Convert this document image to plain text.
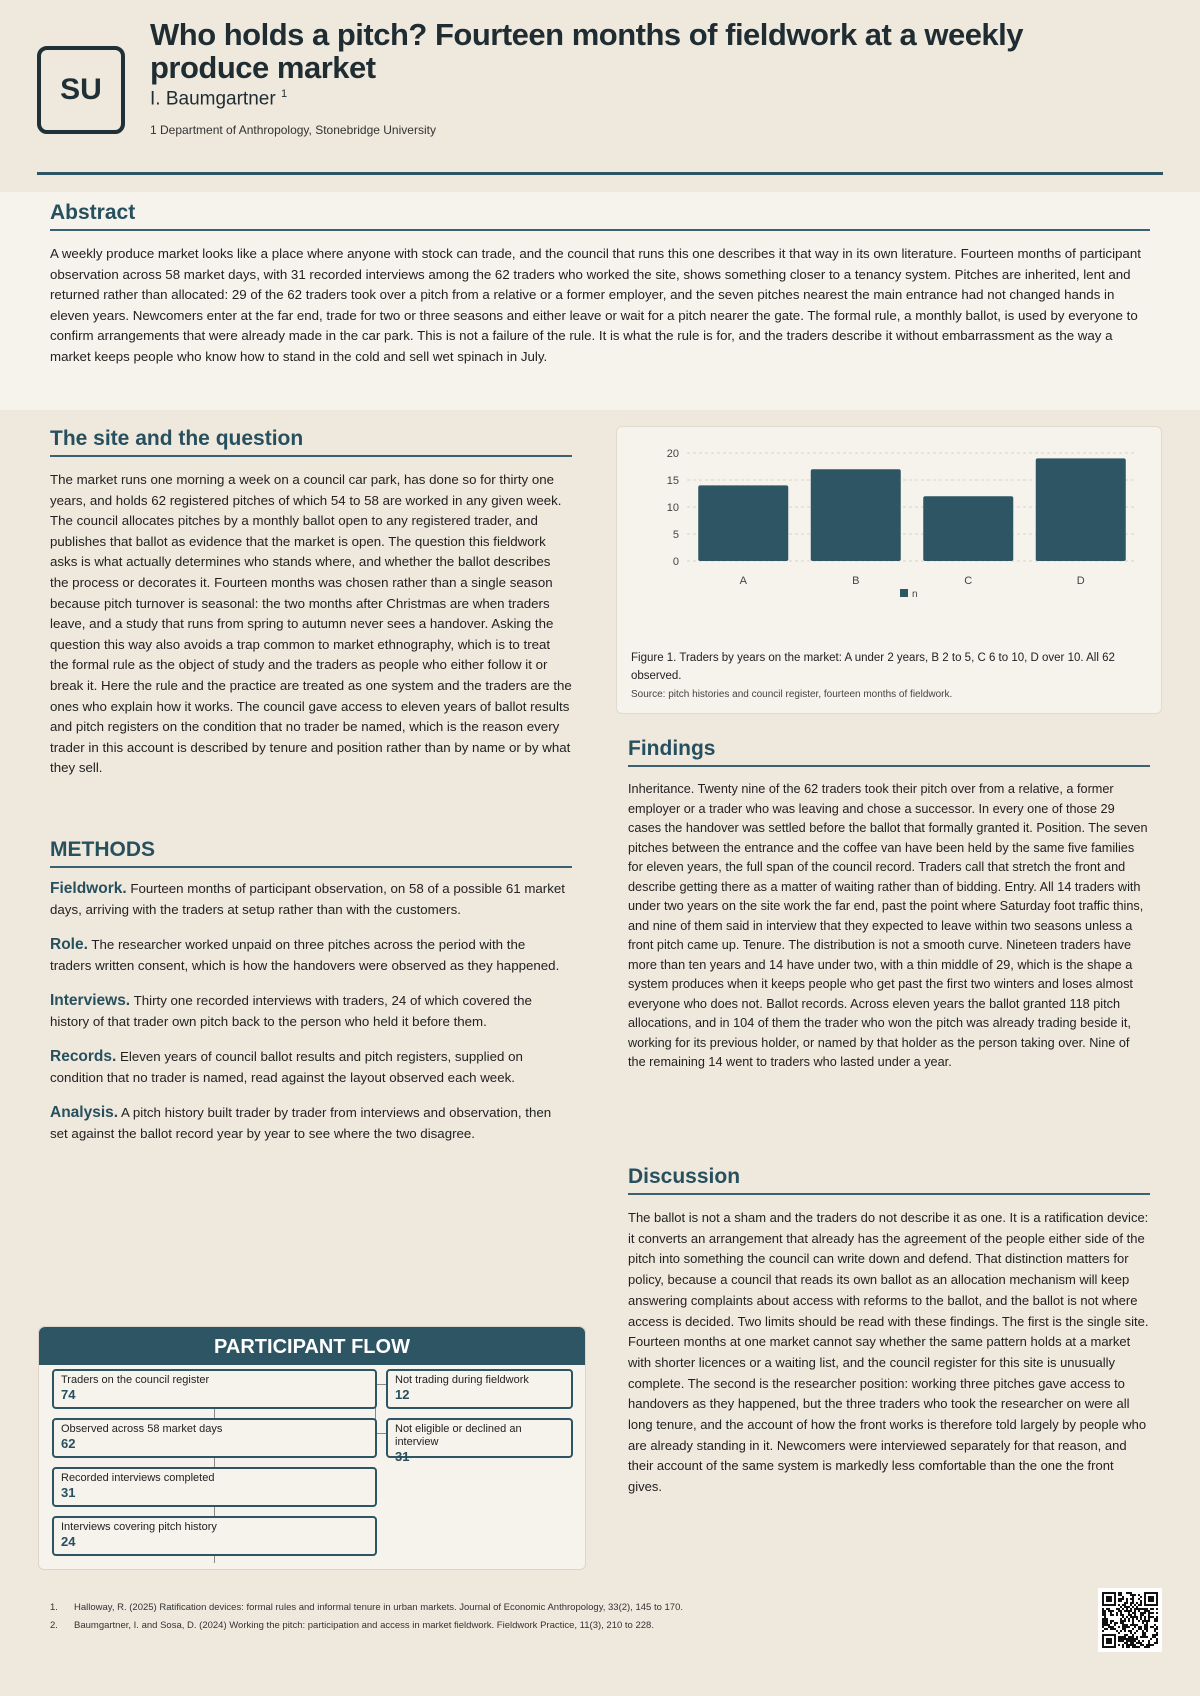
SU
Who holds a pitch? Fourteen months of fieldwork at a weekly produce market
I. Baumgartner $^1$
1 Department of Anthropology, Stonebridge University
Abstract
A weekly produce market looks like a place where anyone with stock can trade, and the council that runs this one describes it that way in its own literature. Fourteen months of participant observation across 58 market days, with 31 recorded interviews among the 62 traders who worked the site, shows something closer to a tenancy system. Pitches are inherited, lent and returned rather than allocated: 29 of the 62 traders took over a pitch from a relative or a former employer, and the seven pitches nearest the main entrance had not changed hands in eleven years. Newcomers enter at the far end, trade for two or three seasons and either leave or wait for a pitch nearer the gate. The formal rule, a monthly ballot, is used by everyone to confirm arrangements that were already made in the car park. This is not a failure of the rule. It is what the rule is for, and the traders describe it without embarrassment as the way a market keeps people who know how to stand in the cold and sell wet spinach in July.
The site and the question
The market runs one morning a week on a council car park, has done so for thirty one years, and holds 62 registered pitches of which 54 to 58 are worked in any given week. The council allocates pitches by a monthly ballot open to any registered trader, and publishes that ballot as evidence that the market is open. The question this fieldwork asks is what actually determines who stands where, and whether the ballot describes the process or decorates it. Fourteen months was chosen rather than a single season because pitch turnover is seasonal: the two months after Christmas are when traders leave, and a study that runs from spring to autumn never sees a handover. Asking the question this way also avoids a trap common to market ethnography, which is to treat the formal rule as the object of study and the traders as people who either follow it or break it. Here the rule and the practice are treated as one system and the traders are the ones who explain how it works. The council gave access to eleven years of ballot results and pitch registers on the condition that no trader be named, which is the reason every trader in this account is described by tenure and position rather than by name or by what they sell.
METHODS
Fieldwork. Fourteen months of participant observation, on 58 of a possible 61 market days, arriving with the traders at setup rather than with the customers.
Role. The researcher worked unpaid on three pitches across the period with the traders written consent, which is how the handovers were observed as they happened.
Interviews. Thirty one recorded interviews with traders, 24 of which covered the history of that trader own pitch back to the person who held it before them.
Records. Eleven years of council ballot results and pitch registers, supplied on condition that no trader is named, read against the layout observed each week.
Analysis. A pitch history built trader by trader from interviews and observation, then set against the ballot record year by year to see where the two disagree.
0
5
10
15
20
A	B	C	D
n
Figure 1. Traders by years on the market: A under 2 years, B 2 to 5, C 6 to 10, D over 10. All 62 observed.
Source: pitch histories and council register, fourteen months of fieldwork.
Findings
Inheritance. Twenty nine of the 62 traders took their pitch over from a relative, a former employer or a trader who was leaving and chose a successor. In every one of those 29 cases the handover was settled before the ballot that formally granted it. Position. The seven pitches between the entrance and the coffee van have been held by the same five families for eleven years, the full span of the council record. Traders call that stretch the front and describe getting there as a matter of waiting rather than of bidding. Entry. All 14 traders with under two years on the site work the far end, past the point where Saturday foot traffic thins, and nine of them said in interview that they expected to leave within two seasons unless a front pitch came up. Tenure. The distribution is not a smooth curve. Nineteen traders have more than ten years and 14 have under two, with a thin middle of 29, which is the shape a system produces when it keeps people who get past the first two winters and loses almost everyone who does not. Ballot records. Across eleven years the ballot granted 118 pitch allocations, and in 104 of them the trader who won the pitch was already trading beside it, working for its previous holder, or named by that holder as the person taking over. Nine of the remaining 14 went to traders who lasted under a year.
Discussion
The ballot is not a sham and the traders do not describe it as one. It is a ratification device: it converts an arrangement that already has the agreement of the people either side of the pitch into something the council can write down and defend. That distinction matters for policy, because a council that reads its own ballot as an allocation mechanism will keep answering complaints about access with reforms to the ballot, and the ballot is not where access is decided. Two limits should be read with these findings. The first is the single site. Fourteen months at one market cannot say whether the same pattern holds at a market with shorter licences or a waiting list, and the council register for this site is unusually complete. The second is the researcher position: working three pitches gave access to handovers as they happened, but the three traders who took the researcher on were all long tenure, and the account of how the front works is therefore told largely by people who are already standing in it. Newcomers were interviewed separately for that reason, and their account of the same system is markedly less comfortable than the one the front gives.
PARTICIPANT FLOW
Traders on the council register
74
Observed across 58 market days
62
Recorded interviews completed
31
Interviews covering pitch history
24
Not trading during fieldwork
12
Not eligible or declined an interview
31
1. Halloway, R. (2025) Ratification devices: formal rules and informal tenure in urban markets. Journal of Economic Anthropology, 33(2), 145 to 170.
2. Baumgartner, I. and Sosa, D. (2024) Working the pitch: participation and access in market fieldwork. Fieldwork Practice, 11(3), 210 to 228.
